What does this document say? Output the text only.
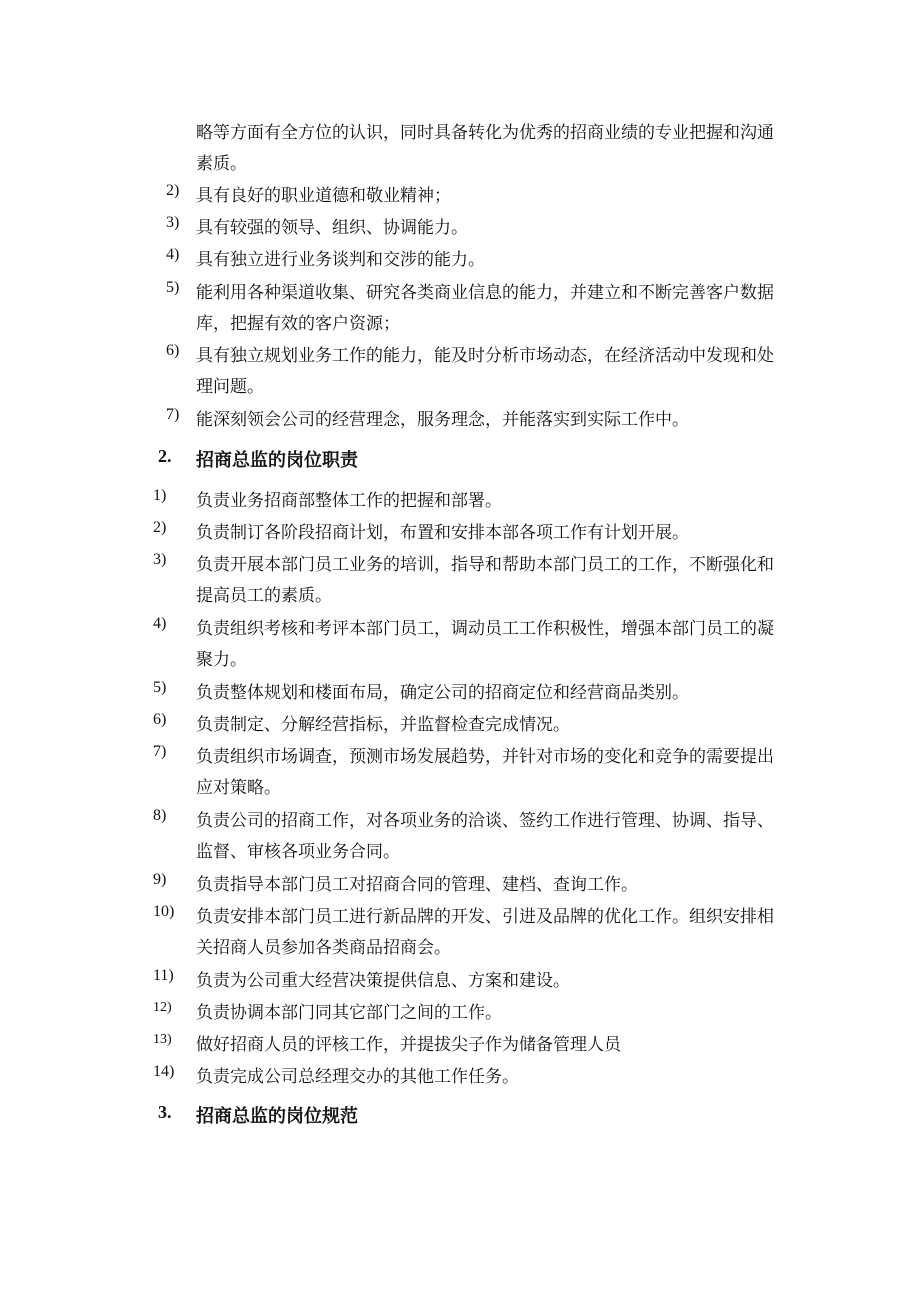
略等方面有全方位的认识，同时具备转化为优秀的招商业绩的专业把握和沟通
素质。
2) 具有良好的职业道德和敬业精神；
3) 具有较强的领导、组织、协调能力。
4) 具有独立进行业务谈判和交涉的能力。
5) 能利用各种渠道收集、研究各类商业信息的能力，并建立和不断完善客户数据
库，把握有效的客户资源；
6) 具有独立规划业务工作的能力，能及时分析市场动态，在经济活动中发现和处
理问题。
7) 能深刻领会公司的经营理念，服务理念，并能落实到实际工作中。
2. 招商总监的岗位职责
1) 负责业务招商部整体工作的把握和部署。
2) 负责制订各阶段招商计划，布置和安排本部各项工作有计划开展。
3) 负责开展本部门员工业务的培训，指导和帮助本部门员工的工作，不断强化和
提高员工的素质。
4) 负责组织考核和考评本部门员工，调动员工工作积极性，增强本部门员工的凝
聚力。
5) 负责整体规划和楼面布局，确定公司的招商定位和经营商品类别。
6) 负责制定、分解经营指标，并监督检查完成情况。
7) 负责组织市场调查，预测市场发展趋势，并针对市场的变化和竞争的需要提出
应对策略。
8) 负责公司的招商工作，对各项业务的洽谈、签约工作进行管理、协调、指导、
监督、审核各项业务合同。
9) 负责指导本部门员工对招商合同的管理、建档、查询工作。
10) 负责安排本部门员工进行新品牌的开发、引进及品牌的优化工作。组织安排相
关招商人员参加各类商品招商会。
11) 负责为公司重大经营决策提供信息、方案和建设。
12) 负责协调本部门同其它部门之间的工作。
13) 做好招商人员的评核工作，并提拔尖子作为储备管理人员
14) 负责完成公司总经理交办的其他工作任务。
3. 招商总监的岗位规范
